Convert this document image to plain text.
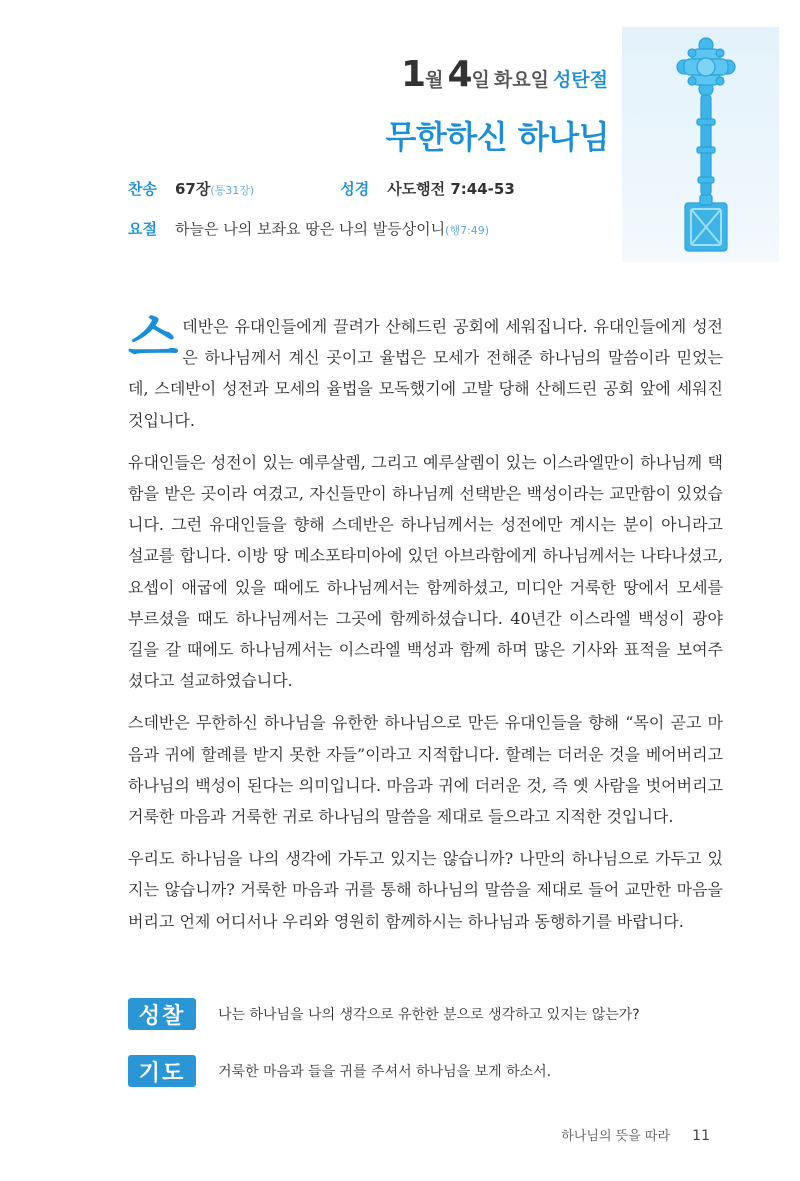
1 월 4 일 화요일 성탄절
무한하신 하나님
찬송 67장 (통31장)	성경 사도행전 7:44-53
요절 하늘은 나의 보좌요 땅은 나의 발등상이니 (행7:49)

스데반은 유대인들에게 끌려가 산헤드린 공회에 세워집니다. 유대인들에게 성전은 하나님께서 계신 곳이고 율법은 모세가 전해준 하나님의 말씀이라 믿었는데, 스데반이 성전과 모세의 율법을 모독했기에 고발 당해 산헤드린 공회 앞에 세워진 것입니다.

유대인들은 성전이 있는 예루살렘, 그리고 예루살렘이 있는 이스라엘만이 하나님께 택함을 받은 곳이라 여겼고, 자신들만이 하나님께 선택받은 백성이라는 교만함이 있었습니다. 그런 유대인들을 향해 스데반은 하나님께서는 성전에만 계시는 분이 아니라고 설교를 합니다. 이방 땅 메소포타미아에 있던 아브라함에게 하나님께서는 나타나셨고, 요셉이 애굽에 있을 때에도 하나님께서는 함께하셨고, 미디안 거룩한 땅에서 모세를 부르셨을 때도 하나님께서는 그곳에 함께하셨습니다. 40년간 이스라엘 백성이 광야 길을 갈 때에도 하나님께서는 이스라엘 백성과 함께 하며 많은 기사와 표적을 보여주셨다고 설교하였습니다.

스데반은 무한하신 하나님을 유한한 하나님으로 만든 유대인들을 향해 “목이 곧고 마음과 귀에 할례를 받지 못한 자들”이라고 지적합니다. 할례는 더러운 것을 베어버리고 하나님의 백성이 된다는 의미입니다. 마음과 귀에 더러운 것, 즉 옛 사람을 벗어버리고 거룩한 마음과 거룩한 귀로 하나님의 말씀을 제대로 들으라고 지적한 것입니다.

우리도 하나님을 나의 생각에 가두고 있지는 않습니까? 나만의 하나님으로 가두고 있지는 않습니까? 거룩한 마음과 귀를 통해 하나님의 말씀을 제대로 들어 교만한 마음을 버리고 언제 어디서나 우리와 영원히 함께하시는 하나님과 동행하기를 바랍니다.

성찰	나는 하나님을 나의 생각으로 유한한 분으로 생각하고 있지는 않는가?
기도	거룩한 마음과 들을 귀를 주셔서 하나님을 보게 하소서.
하나님의 뜻을 따라 11
